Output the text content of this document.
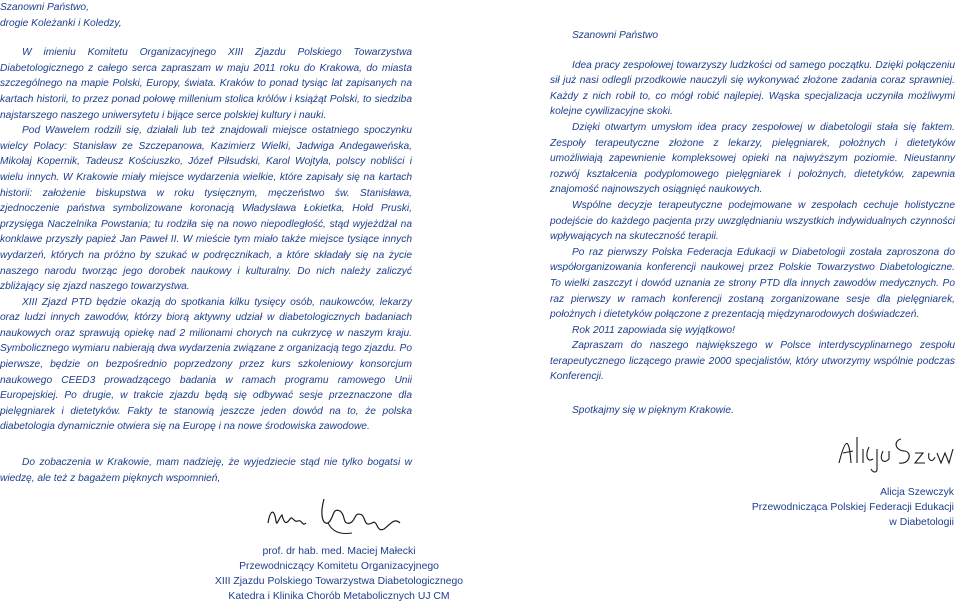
Szanowni Państwo,

drogie Koleżanki i Koledzy,

W imieniu Komitetu Organizacyjnego XIII Zjazdu Polskiego Towarzystwa Diabetologicznego z całego serca zapraszam w maju 2011 roku do Krakowa, do miasta szczególnego na mapie Polski, Europy, świata. Kraków to ponad tysiąc lat zapisanych na kartach historii, to przez ponad połowę millenium stolica królów i książąt Polski, to siedziba najstarszego naszego uniwersytetu i bijące serce polskiej kultury i nauki.

Pod Wawelem rodzili się, działali lub też znajdowali miejsce ostatniego spoczynku wielcy Polacy: Stanisław ze Szczepanowa, Kazimierz Wielki, Jadwiga Andegaweńska, Mikołaj Kopernik, Tadeusz Kościuszko, Józef Piłsudski, Karol Wojtyła, polscy nobliści i wielu innych. W Krakowie miały miejsce wydarzenia wielkie, które zapisały się na kartach historii: założenie biskupstwa w roku tysięcznym, męczeństwo św. Stanisława, zjednoczenie państwa symbolizowane koronacją Władysława Łokietka, Hołd Pruski, przysięga Naczelnika Powstania; tu rodziła się na nowo niepodległość, stąd wyjeżdżał na konklawe przyszły papież Jan Paweł II. W mieście tym miało także miejsce tysiące innych wydarzeń, których na próżno by szukać w podręcznikach, a które składały się na życie naszego narodu tworząc jego dorobek naukowy i kulturalny. Do nich należy zaliczyć zbliżający się zjazd naszego towarzystwa.

XIII Zjazd PTD będzie okazją do spotkania kilku tysięcy osób, naukowców, lekarzy oraz ludzi innych zawodów, którzy biorą aktywny udział w diabetologicznych badaniach naukowych oraz sprawują opiekę nad 2 milionami chorych na cukrzycę w naszym kraju. Symbolicznego wymiaru nabierają dwa wydarzenia związane z organizacją tego zjazdu. Po pierwsze, będzie on bezpośrednio poprzedzony przez kurs szkoleniowy konsorcjum naukowego CEED3 prowadzącego badania w ramach programu ramowego Unii Europejskiej. Po drugie, w trakcie zjazdu będą się odbywać sesje przeznaczone dla pielęgniarek i dietetyków. Fakty te stanowią jeszcze jeden dowód na to, że polska diabetologia dynamicznie otwiera się na Europę i na nowe środowiska zawodowe.

Do zobaczenia w Krakowie, mam nadzieję, że wyjedziecie stąd nie tylko bogatsi w wiedzę, ale też z bagażem pięknych wspomnień,

prof. dr hab. med. Maciej Małecki
Przewodniczący Komitetu Organizacyjnego
XIII Zjazdu Polskiego Towarzystwa Diabetologicznego
Katedra i Klinika Chorób Metabolicznych UJ CM

Szanowni Państwo

Idea pracy zespołowej towarzyszy ludzkości od samego początku. Dzięki połączeniu sił już nasi odlegli przodkowie nauczyli się wykonywać złożone zadania coraz sprawniej. Każdy z nich robił to, co mógł robić najlepiej. Wąska specjalizacja uczyniła możliwymi kolejne cywilizacyjne skoki.

Dzięki otwartym umysłom idea pracy zespołowej w diabetologii stała się faktem. Zespoły terapeutyczne złożone z lekarzy, pielęgniarek, położnych i dietetyków umożliwiają zapewnienie kompleksowej opieki na najwyższym poziomie. Nieustanny rozwój kształcenia podyplomowego pielęgniarek i położnych, dietetyków, zapewnia znajomość najnowszych osiągnięć naukowych.

Wspólne decyzje terapeutyczne podejmowane w zespołach cechuje holistyczne podejście do każdego pacjenta przy uwzględnianiu wszystkich indywidualnych czynności wpływających na skuteczność terapii.

Po raz pierwszy Polska Federacja Edukacji w Diabetologii została zaproszona do współorganizowania konferencji naukowej przez Polskie Towarzystwo Diabetologiczne. To wielki zaszczyt i dowód uznania ze strony PTD dla innych zawodów medycznych. Po raz pierwszy w ramach konferencji zostaną zorganizowane sesje dla pielęgniarek, położnych i dietetyków połączone z prezentacją międzynarodowych doświadczeń.

Rok 2011 zapowiada się wyjątkowo!

Zapraszam do naszego największego w Polsce interdyscyplinarnego zespołu terapeutycznego liczącego prawie 2000 specjalistów, który utworzymy wspólnie podczas Konferencji.

Spotkajmy się w pięknym Krakowie.

Alicja Szewczyk
Przewodnicząca Polskiej Federacji Edukacji
w Diabetologii
